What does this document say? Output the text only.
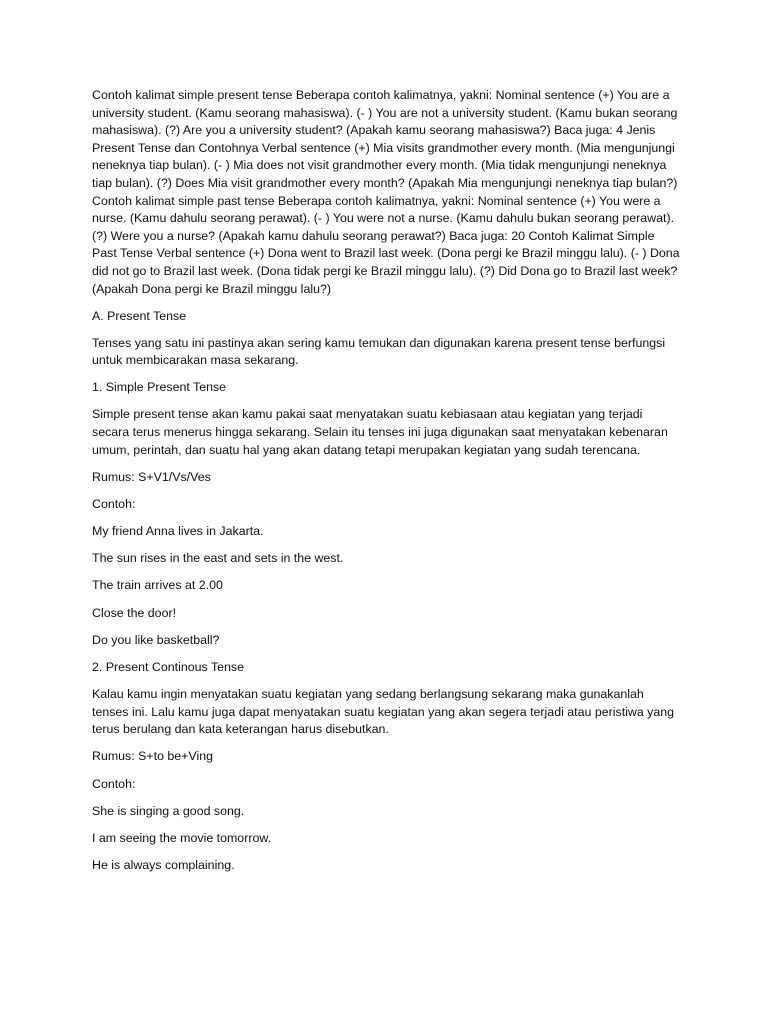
Contoh kalimat simple present tense Beberapa contoh kalimatnya, yakni: Nominal sentence (+) You are a university student. (Kamu seorang mahasiswa). (- ) You are not a university student. (Kamu bukan seorang mahasiswa). (?) Are you a university student? (Apakah kamu seorang mahasiswa?) Baca juga: 4 Jenis Present Tense dan Contohnya Verbal sentence (+) Mia visits grandmother every month. (Mia mengunjungi neneknya tiap bulan). (- ) Mia does not visit grandmother every month. (Mia tidak mengunjungi neneknya tiap bulan). (?) Does Mia visit grandmother every month? (Apakah Mia mengunjungi neneknya tiap bulan?) Contoh kalimat simple past tense Beberapa contoh kalimatnya, yakni: Nominal sentence (+) You were a nurse. (Kamu dahulu seorang perawat). (- ) You were not a nurse. (Kamu dahulu bukan seorang perawat). (?) Were you a nurse? (Apakah kamu dahulu seorang perawat?) Baca juga: 20 Contoh Kalimat Simple Past Tense Verbal sentence (+) Dona went to Brazil last week. (Dona pergi ke Brazil minggu lalu). (- ) Dona did not go to Brazil last week. (Dona tidak pergi ke Brazil minggu lalu). (?) Did Dona go to Brazil last week? (Apakah Dona pergi ke Brazil minggu lalu?)

A. Present Tense

Tenses yang satu ini pastinya akan sering kamu temukan dan digunakan karena present tense berfungsi untuk membicarakan masa sekarang.

1. Simple Present Tense

Simple present tense akan kamu pakai saat menyatakan suatu kebiasaan atau kegiatan yang terjadi secara terus menerus hingga sekarang. Selain itu tenses ini juga digunakan saat menyatakan kebenaran umum, perintah, dan suatu hal yang akan datang tetapi merupakan kegiatan yang sudah terencana.

Rumus: S+V1/Vs/Ves

Contoh:

My friend Anna lives in Jakarta.

The sun rises in the east and sets in the west.

The train arrives at 2.00

Close the door!

Do you like basketball?

2. Present Continous Tense

Kalau kamu ingin menyatakan suatu kegiatan yang sedang berlangsung sekarang maka gunakanlah tenses ini. Lalu kamu juga dapat menyatakan suatu kegiatan yang akan segera terjadi atau peristiwa yang terus berulang dan kata keterangan harus disebutkan.

Rumus: S+to be+Ving

Contoh:

She is singing a good song.

I am seeing the movie tomorrow.

He is always complaining.
